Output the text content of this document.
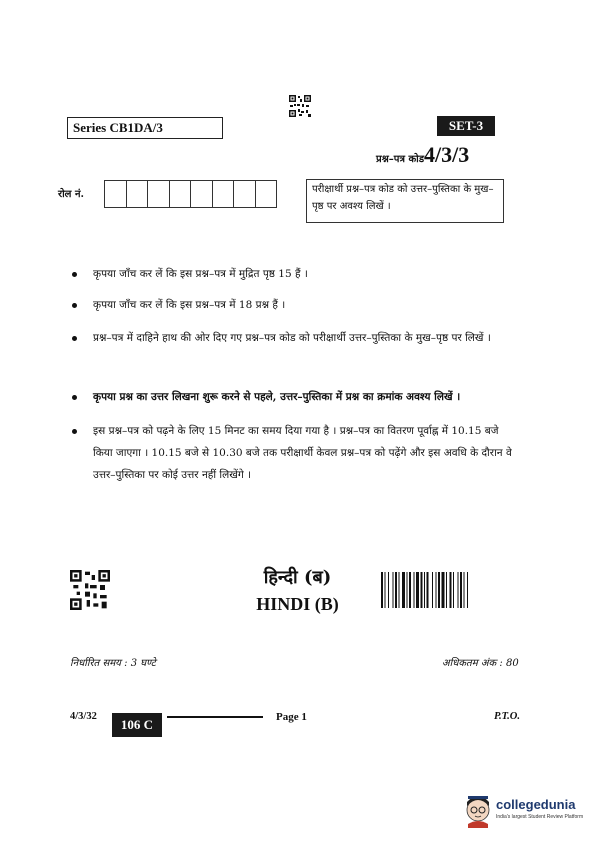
Series CB1DA/3	SET-3
प्रश्न–पत्र कोड 4/3/3
रोल नं.	परीक्षार्थी प्रश्न–पत्र कोड को उत्तर–पुस्तिका के मुख–पृष्ठ पर अवश्य लिखें ।
कृपया जाँच कर लें कि इस प्रश्न–पत्र में मुद्रित पृष्ठ 15 हैं ।
कृपया जाँच कर लें कि इस प्रश्न–पत्र में 18 प्रश्न हैं ।
प्रश्न–पत्र में दाहिने हाथ की ओर दिए गए प्रश्न–पत्र कोड को परीक्षार्थी उत्तर–पुस्तिका के मुख–पृष्ठ पर लिखें ।
कृपया प्रश्न का उत्तर लिखना शुरू करने से पहले, उत्तर–पुस्तिका में प्रश्न का क्रमांक अवश्य लिखें ।
इस प्रश्न–पत्र को पढ़ने के लिए 15 मिनट का समय दिया गया है । प्रश्न–पत्र का वितरण पूर्वाह्न में 10.15 बजे किया जाएगा । 10.15 बजे से 10.30 बजे तक परीक्षार्थी केवल प्रश्न–पत्र को पढ़ेंगे और इस अवधि के दौरान वे उत्तर–पुस्तिका पर कोई उत्तर नहीं लिखेंगे ।
हिन्दी (ब)
HINDI (B)
निर्धारित समय : 3 घण्टे	अधिकतम अंक : 80
4/3/32
106 C	Page 1	P.T.O.
collegedunia
India's largest Student Review Platform
